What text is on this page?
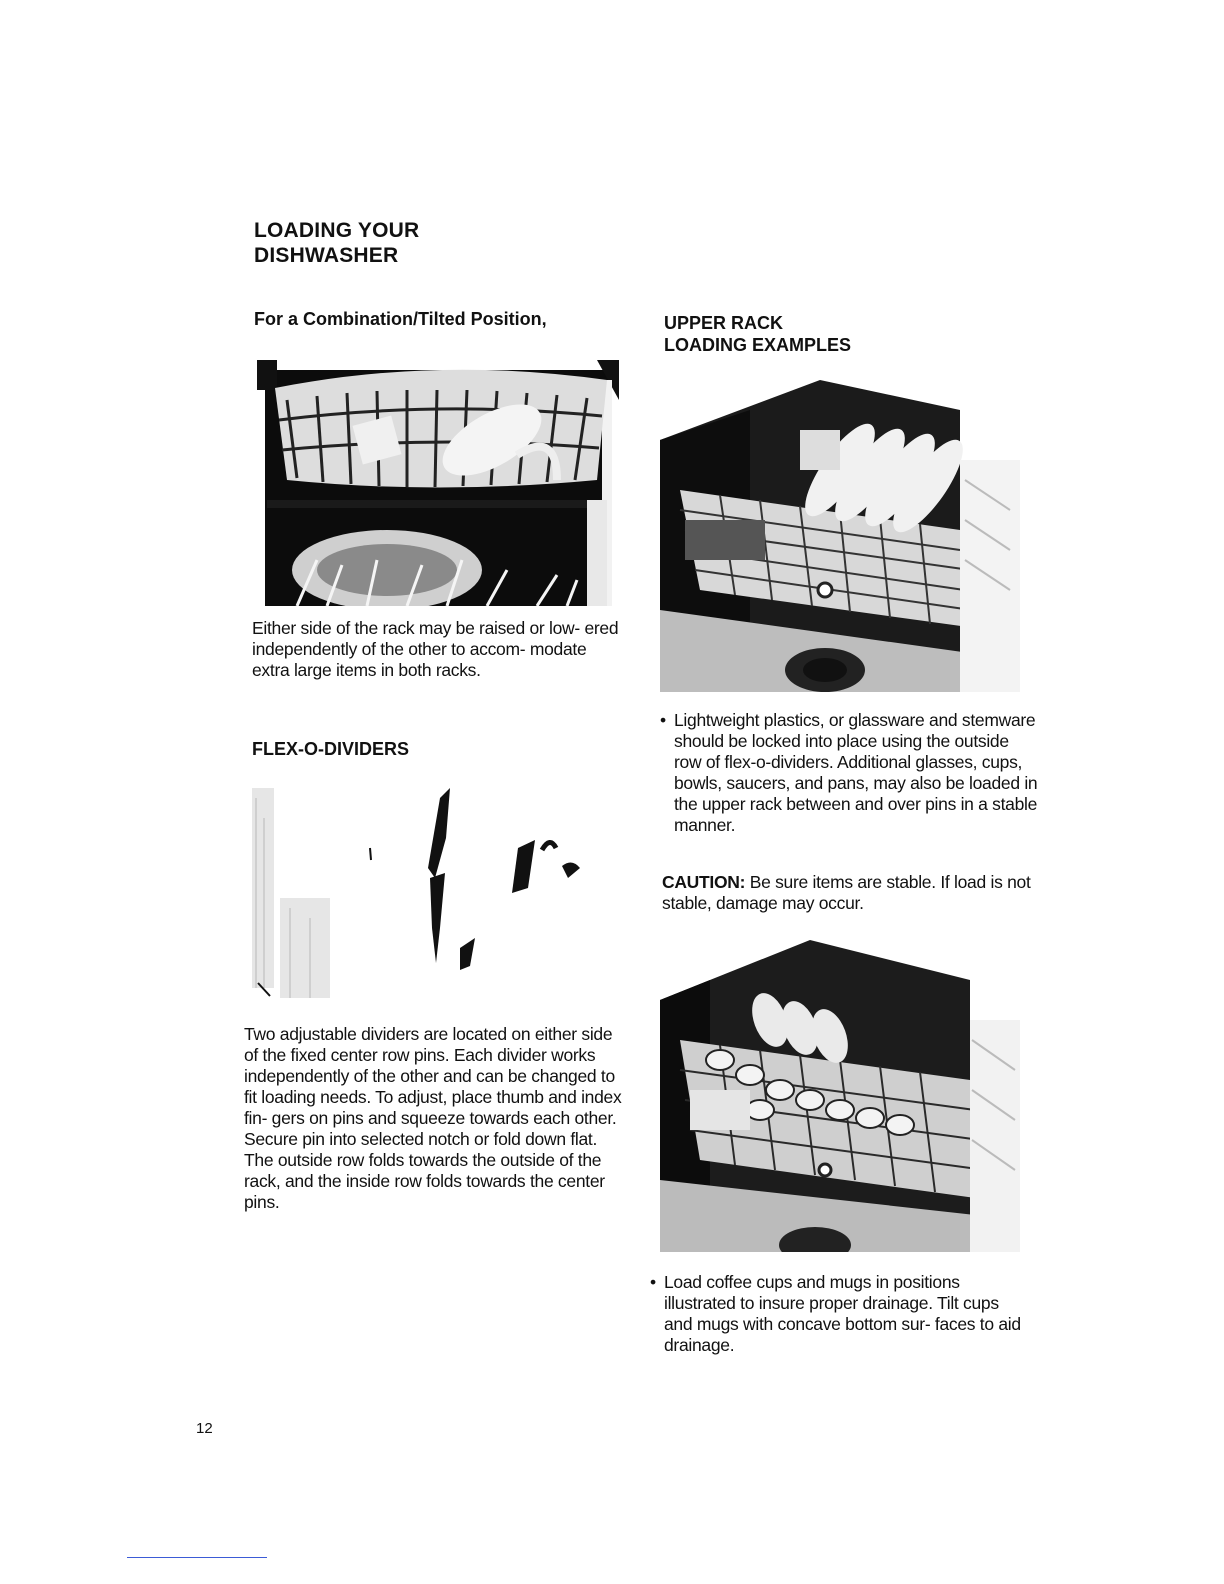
LOADING YOUR
DISHWASHER
For a Combination/Tilted Position,
Either side of the rack may be raised or low- ered independently of the other to accom- modate extra large items in both racks.
FLEX-O-DIVIDERS
Two adjustable dividers are located on either side of the fixed center row pins. Each divider works independently of the other and can be changed to fit loading needs. To adjust, place thumb and index fin- gers on pins and squeeze towards each other. Secure pin into selected notch or fold down flat. The outside row folds towards the outside of the rack, and the inside row folds towards the center pins.
UPPER RACK
LOADING EXAMPLES
• Lightweight plastics, or glassware and stemware should be locked into place using the outside row of flex-o-dividers. Additional glasses, cups, bowls, saucers, and pans, may also be loaded in the upper rack between and over pins in a stable manner.
CAUTION: Be sure items are stable. If load is not stable, damage may occur.
• Load coffee cups and mugs in positions illustrated to insure proper drainage. Tilt cups and mugs with concave bottom sur- faces to aid drainage.
12
